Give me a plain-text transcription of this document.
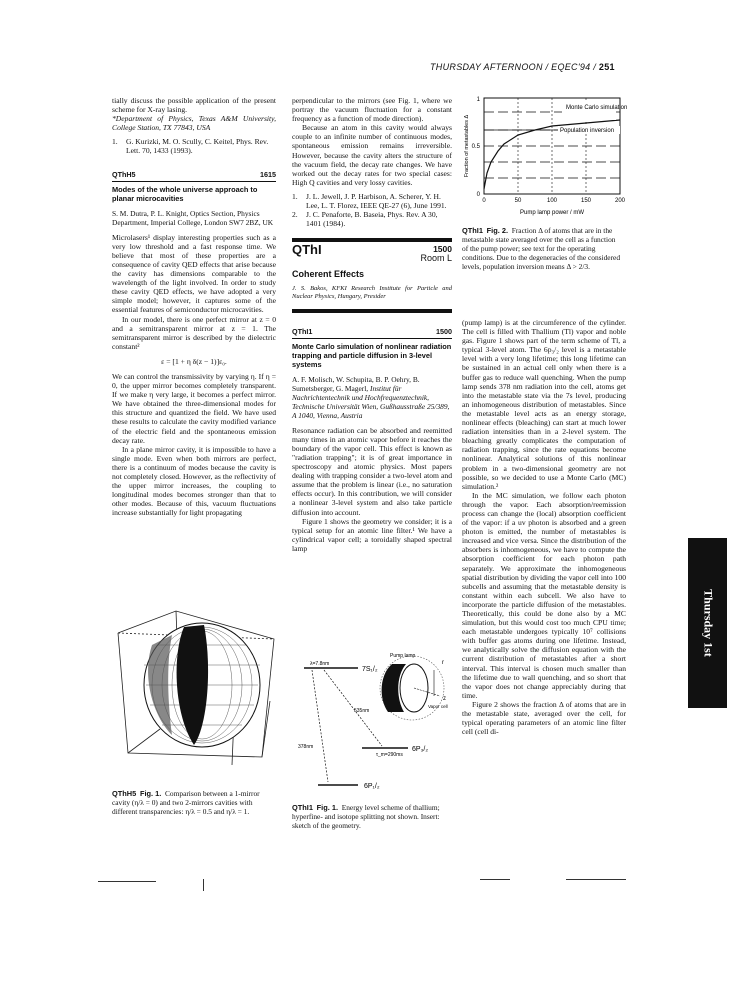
THURSDAY AFTERNOON / EQEC'94 / 251

tially discuss the possible application of the present scheme for X-ray lasing.

*Department of Physics, Texas A&M University, College Station, TX 77843, USA

1.	G. Kurizki, M. O. Scully, C. Keitel, Phys. Rev. Lett. 70, 1433 (1993).
QThH5	1615
Modes of the whole universe approach to planar microcavities
S. M. Dutra, P. L. Knight, Optics Section, Physics Department, Imperial College, London SW7 2BZ, UK

Microlasers¹ display interesting properties such as a very low threshold and a fast response time. We believe that most of these properties are a consequence of cavity QED effects that arise because the cavity has dimensions comparable to the wavelength of the light involved. In order to study these cavity QED effects, we have adopted a very simple model; however, it captures some of the essential features of semiconductor microcavities.

In our model, there is one perfect mirror at z = 0 and a semitransparent mirror at z = 1. The semitransparent mirror is described by the dielectric constant²

ε = [1 + η δ(z − 1)]ε₀.

We can control the transmissivity by varying η. If η = 0, the upper mirror becomes completely transparent. If we make η very large, it becomes a perfect mirror. We have obtained the three-dimensional modes for this structure and quantized the field. We have used these results to calculate the cavity modified variance of the electric field and the spontaneous emission decay rate.

In a plane mirror cavity, it is impossible to have a single mode. Even when both mirrors are perfect, there is a continuum of modes because the cavity is not completely closed. However, as the reflectivity of the upper mirror increases, the coupling to longitudinal modes becomes stronger than that to other modes. Because of this, vacuum fluctuations increase substantially for light propagating

QThH5 Fig. 1. Comparison between a 1-mirror cavity (η/λ = 0) and two 2-mirrors cavities with different transparencies: η/λ = 0.5 and η/λ = 1.

perpendicular to the mirrors (see Fig. 1, where we portray the vacuum fluctuation for a constant frequency as a function of mode direction).

Because an atom in this cavity would always couple to an infinite number of continuous modes, spontaneous emission remains irreversible. However, because the cavity alters the structure of the vacuum field, the decay rate changes. We have worked out the decay rates for two special cases: High Q cavities and very lossy cavities.

1.	J. L. Jewell, J. P. Harbison, A. Scherer, Y. H. Lee, L. T. Florez, IEEE QE-27 (6), June 1991.
2.	J. C. Penaforte, B. Baseia, Phys. Rev. A 30, 1401 (1984).
QThI	1500
Room L
Coherent Effects
J. S. Bakos, KFKI Research Institute for Particle and Nuclear Physics, Hungary, Presider
QThI1	1500
Monte Carlo simulation of nonlinear radiation trapping and particle diffusion in 3-level systems
A. F. Molisch, W. Schupita, B. P. Oehry, B. Sumetsberger, G. Magerl, Institut für Nachrichtentechnik und Hochfrequenztechnik, Technische Universität Wien, Gußhausstraße 25/389, A 1040, Vienna, Austria

Resonance radiation can be absorbed and reemitted many times in an atomic vapor before it reaches the boundary of the vapor cell. This effect is known as "radiation trapping"; it is of great importance in spectroscopy and atomic physics. Most papers dealing with trapping consider a two-level atom and assume that the problem is linear (i.e., no saturation effects occur). In this contribution, we will consider a nonlinear 3-level system and also take particle diffusion into account.

Figure 1 shows the geometry we consider; it is a typical setup for an atomic line filter.¹ We have a cylindrical vapor cell; a toroidally shaped spectral lamp

λ=7.8nm
7S₁/₂
535nm
378nm
τ_m=290ms
6P₃/₂
6P₁/₂
Pump lamp
Vapor cell
r
z
QThI1 Fig. 1. Energy level scheme of thallium; hyperfine- and isotope splitting not shown. Insert: sketch of the geometry.
Monte Carlo simulation
Population inversion
0	50	100	150	200
0
0.5
1
Pump lamp power / mW
Fraction of metastables Δ
QThI1 Fig. 2. Fraction Δ of atoms that are in the metastable state averaged over the cell as a function of the pump power; see text for the operating conditions. Due to the degeneracies of the considered levels, population inversion means Δ > 2/3.

(pump lamp) is at the circumference of the cylinder. The cell is filled with Thallium (Tl) vapor and noble gas. Figure 1 shows part of the term scheme of Tl, a typical 3-level atom. The 6p₃/₂ level is a metastable level with a very long lifetime; this long lifetime can be sustained in an actual cell only when there is a buffer gas to reduce wall quenching. When the pump lamp sends 378 nm radiation into the cell, atoms get into the metastable state via the 7s level, producing an inhomogeneous distribution of metastables. Since the metastable level acts as an energy storage, nonlinear effects (bleaching) can start at much lower radiation intensities than in a 2-level system. The bleaching greatly complicates the computation of radiation trapping, since the rate equations become nonlinear. Analytical solutions of this nonlinear problem in a two-dimensional geometry are not possible, so we decided to use a Monte Carlo (MC) simulation.²

In the MC simulation, we follow each photon through the vapor. Each absorption/reemission process can change the (local) absorption coefficient of the vapor: if a uv photon is absorbed and a green photon is emitted, the number of metastables is increased and vice versa. Since the distribution of the absorbers is inhomogeneous, we have to compute the absorption coefficient for each photon path separately. We approximate the inhomogeneous spatial distribution by dividing the vapor cell into 100 subcells and assuming that the metastable density is constant within each subcell. We also have to incorporate the particle diffusion of the metastables. Theoretically, this could be done also by a MC simulation, but this would cost too much CPU time; each metastable undergoes typically 10⁷ collisions with buffer gas atoms during one lifetime. Instead, we analytically solve the diffusion equation with the current distribution of metastables after a short interval. This interval is chosen much smaller than the lifetime due to wall quenching, and so short that the vapor does not change appreciably during that time.

Figure 2 shows the fraction Δ of atoms that are in the metastable state, averaged over the cell, for typical operating parameters of an atomic line filter cell (cell di-

Thursday 1st
